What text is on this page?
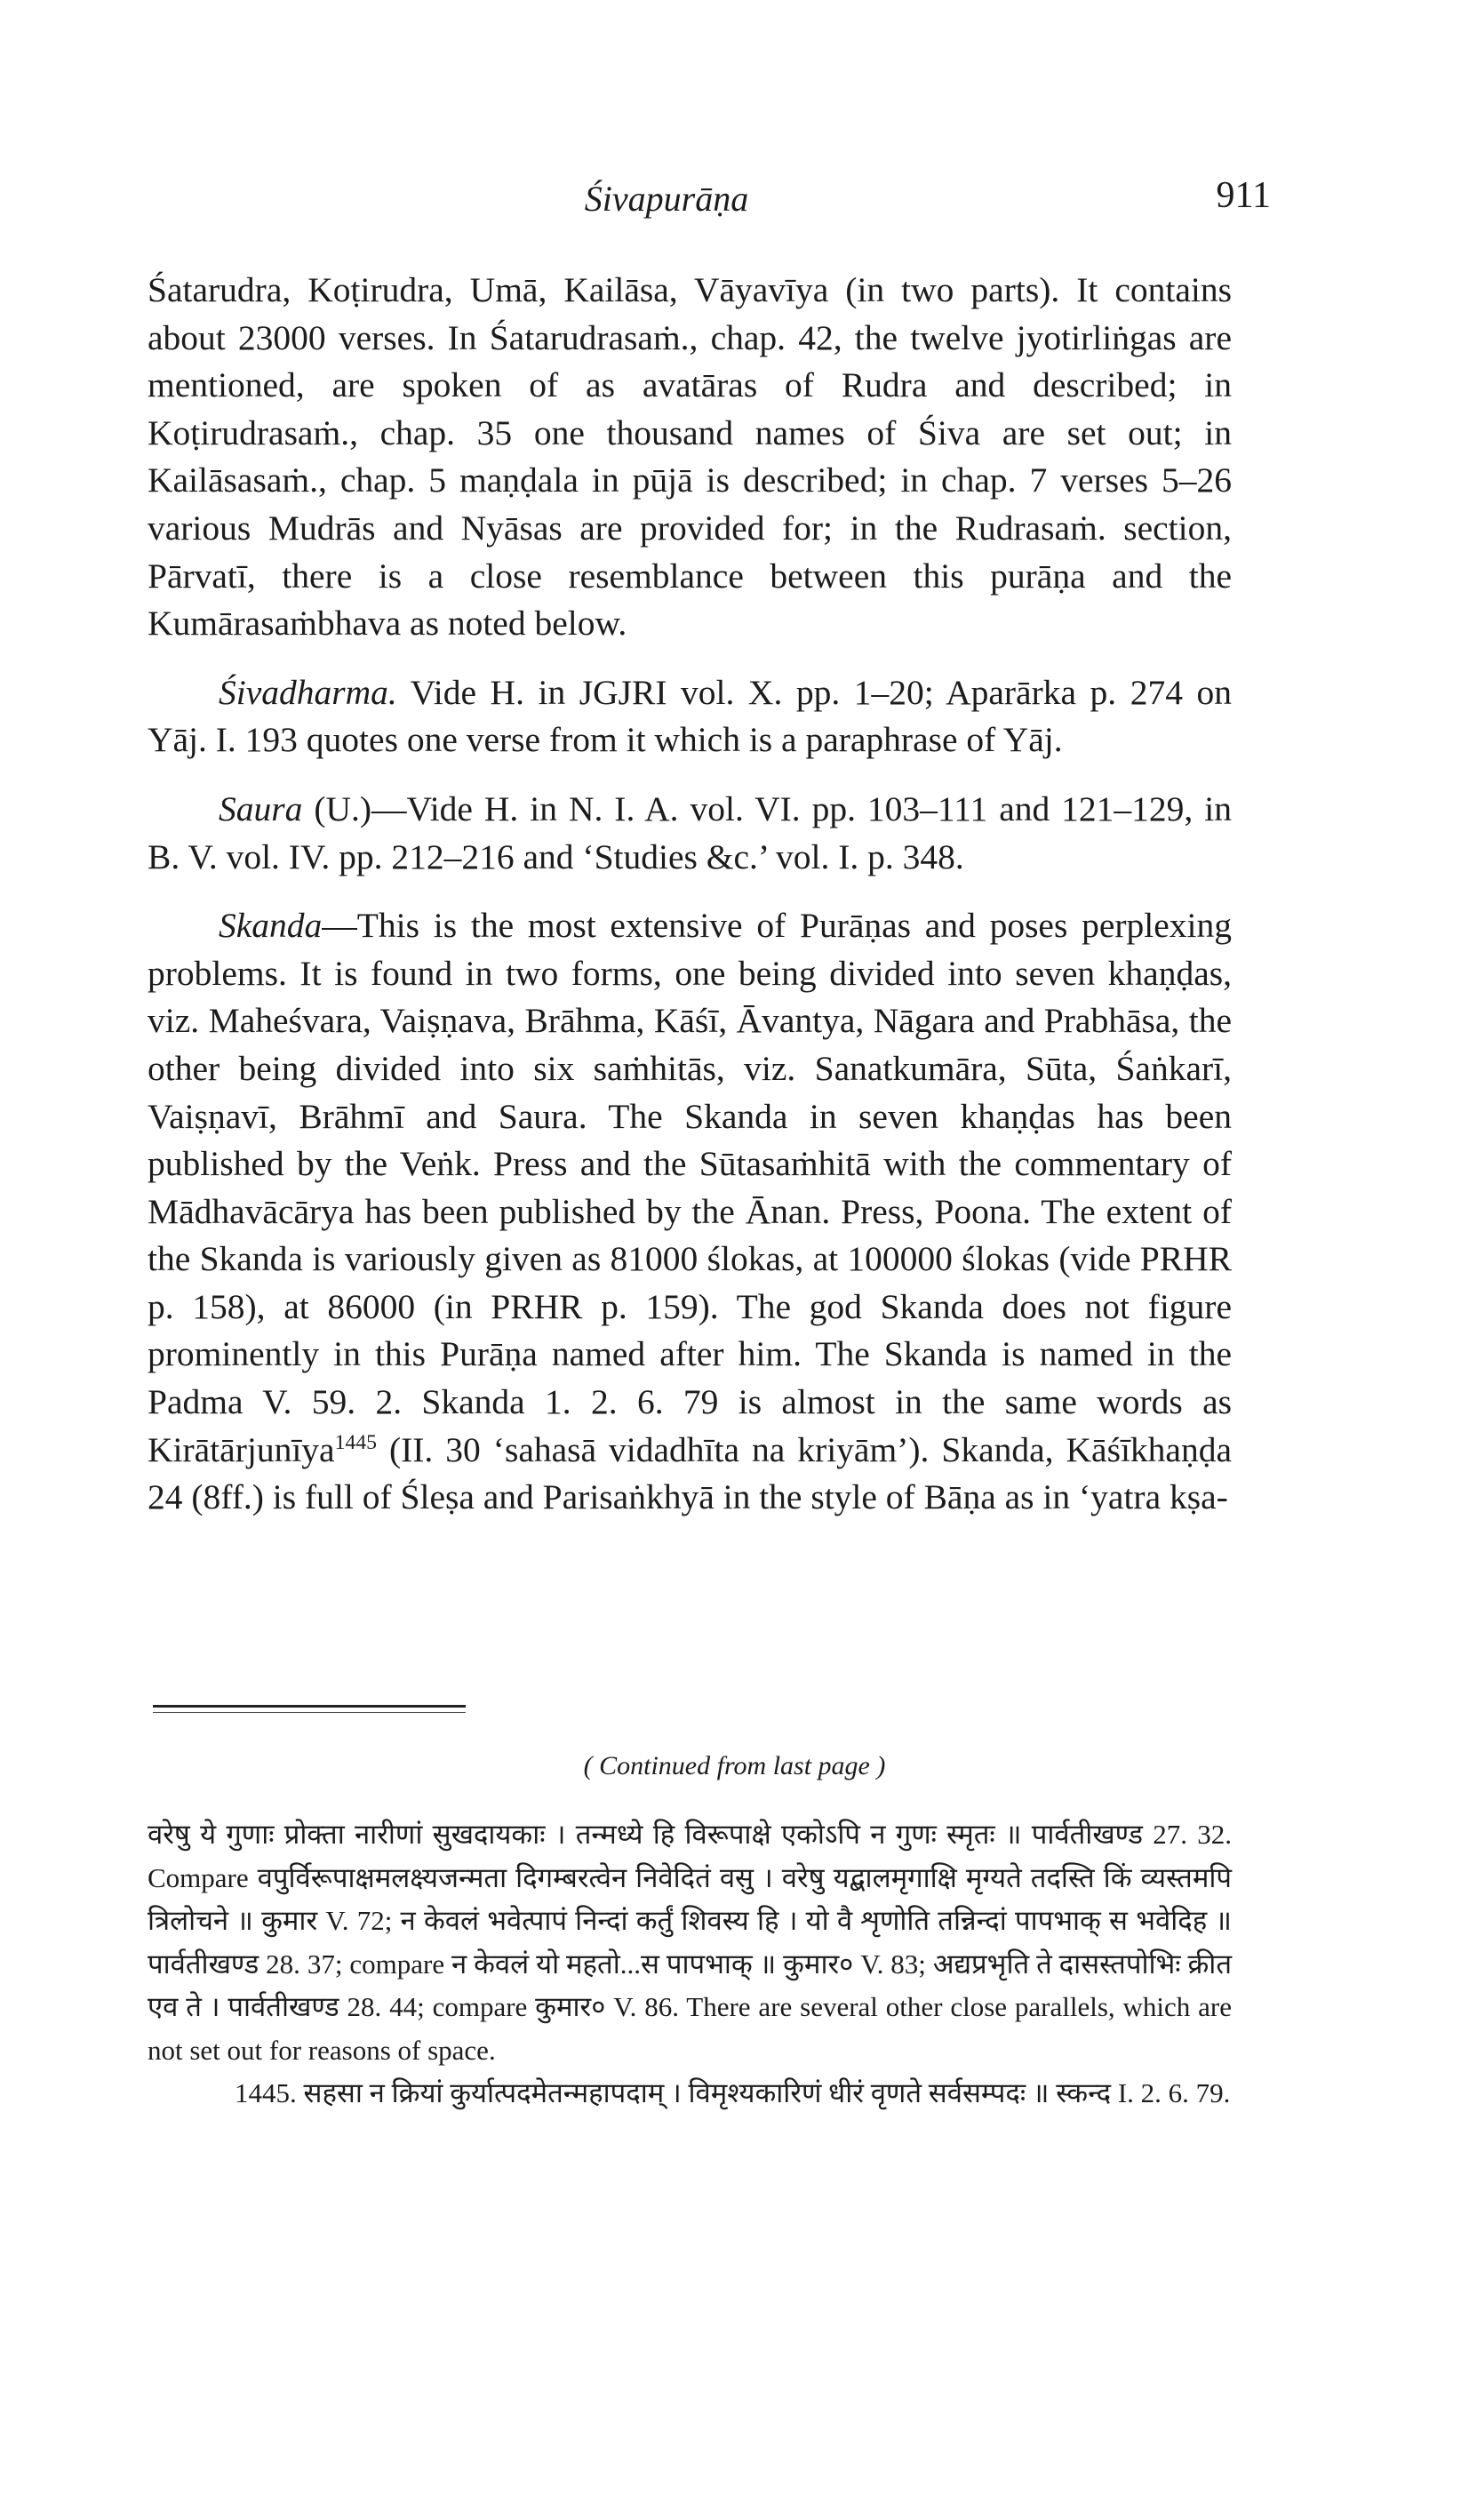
Śivapurāṇa	911

Śatarudra, Koṭirudra, Umā, Kailāsa, Vāyavīya (in two parts). It contains about 23000 verses. In Śatarudrasaṁ., chap. 42, the twelve jyotirliṅgas are mentioned, are spoken of as avatāras of Rudra and described; in Koṭirudrasaṁ., chap. 35 one thousand names of Śiva are set out; in Kailāsasaṁ., chap. 5 maṇḍala in pūjā is described; in chap. 7 verses 5–26 various Mudrās and Nyāsas are provided for; in the Rudrasaṁ. section, Pārvatī, there is a close resemblance between this purāṇa and the Kumārasaṁbhava as noted below.

Śivadharma. Vide H. in JGJRI vol. X. pp. 1–20; Aparārka p. 274 on Yāj. I. 193 quotes one verse from it which is a paraphrase of Yāj.

Saura (U.)—Vide H. in N. I. A. vol. VI. pp. 103–111 and 121–129, in B. V. vol. IV. pp. 212–216 and ‘Studies &c.’ vol. I. p. 348.

Skanda—This is the most extensive of Purāṇas and poses perplexing problems. It is found in two forms, one being divided into seven khaṇḍas, viz. Maheśvara, Vaiṣṇava, Brāhma, Kāśī, Āvantya, Nāgara and Prabhāsa, the other being divided into six saṁhitās, viz. Sanatkumāra, Sūta, Śaṅkarī, Vaiṣṇavī, Brāhmī and Saura. The Skanda in seven khaṇḍas has been published by the Veṅk. Press and the Sūtasaṁhitā with the commentary of Mādhavācārya has been published by the Ānan. Press, Poona. The extent of the Skanda is variously given as 81000 ślokas, at 100000 ślokas (vide PRHR p. 158), at 86000 (in PRHR p. 159). The god Skanda does not figure prominently in this Purāṇa named after him. The Skanda is named in the Padma V. 59. 2. Skanda 1. 2. 6. 79 is almost in the same words as Kirātārjunīya$^{1445}$ (II. 30 ‘sahasā vidadhīta na kriyām’). Skanda, Kāśīkhaṇḍa 24 (8ff.) is full of Śleṣa and Parisaṅkhyā in the style of Bāṇa as in ‘yatra kṣa-

( Continued from last page )

वरेषु ये गुणाः प्रोक्ता नारीणां सुखदायकाः । तन्मध्ये हि विरूपाक्षे एकोऽपि न गुणः स्मृतः ॥ पार्वतीखण्ड 27. 32. Compare वपुर्विरूपाक्षमलक्ष्यजन्मता दिगम्बरत्वेन निवेदितं वसु । वरेषु यद्बालमृगाक्षि मृग्यते तदस्ति किं व्यस्तमपि त्रिलोचने ॥ कुमार V. 72; न केवलं भवेत्पापं निन्दां कर्तुं शिवस्य हि । यो वै शृणोति तन्निन्दां पापभाक् स भवेदिह ॥ पार्वतीखण्ड 28. 37; compare न केवलं यो महतो...स पापभाक् ॥ कुमार० V. 83; अद्यप्रभृति ते दासस्तपोभिः क्रीत एव ते । पार्वतीखण्ड 28. 44; compare कुमार० V. 86. There are several other close parallels, which are not set out for reasons of space.

1445. सहसा न क्रियां कुर्यात्पदमेतन्महापदाम् । विमृश्यकारिणं धीरं वृणते सर्वसम्पदः ॥ स्कन्द I. 2. 6. 79.
